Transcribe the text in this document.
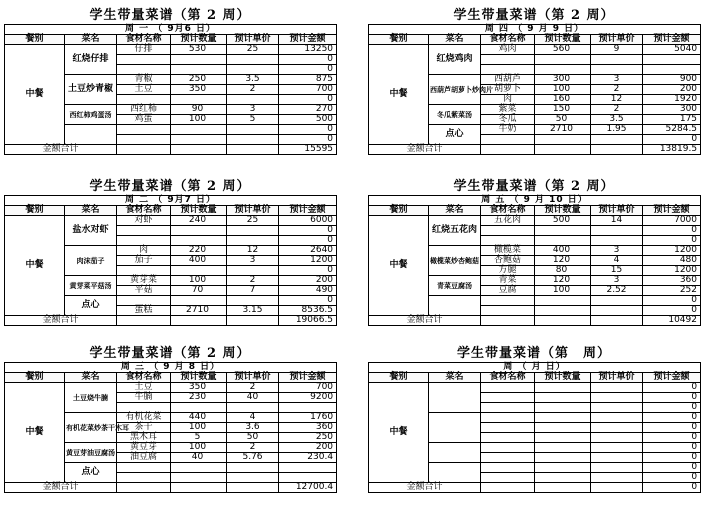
学生带量菜谱（第 2 周）
周 一 （ 9月6 日）					
餐别	菜名	食材名称	预计数量	预计单价	预计金额
中餐	红烧仔排	仔排	530	25	13250
					0
					0
	土豆炒青椒	青椒	250	3.5	875
		土豆	350	2	700
					0
	西红柿鸡蛋汤	西红柿	90	3	270
		鸡蛋	100	5	500
					0
					0
金额合计					15595
学生带量菜谱（第 2 周）
周 四 （ 9 月 9 日）					
餐别	菜名	食材名称	预计数量	预计单价	预计金额
中餐	红烧鸡肉	鸡肉	560	9	5040

	西葫芦胡萝卜炒肉片	西葫芦	300	3	900
		胡萝卜	100	2	200
		肉	160	12	1920
	冬瓜紫菜汤	紫菜	150	2	300
		冬瓜	50	3.5	175
	点心	牛奶	2710	1.95	5284.5
					0
金额合计					13819.5
学生带量菜谱（第 2 周）
周 二 （ 9月7 日）					
餐别	菜名	食材名称	预计数量	预计单价	预计金额
中餐	盐水对虾	对虾	240	25	6000
					0
					0
	肉沫茄子	肉	220	12	2640
		茄子	400	3	1200
					0
	黄芽菜平菇汤	黄芽菜	100	2	200
		平菇	70	7	490
	点心				0
		蛋糕	2710	3.15	8536.5
金额合计					19066.5
学生带量菜谱（第 2 周）
周 五 （ 9 月 10 日）					
餐别	菜名	食材名称	预计数量	预计单价	预计金额
中餐	红烧五花肉	五花肉	500	14	7000
					0
					0
	橄榄菜炒杏鲍菇	橄榄菜	400	3	1200
		杏鲍菇	120	4	480
		方腿	80	15	1200
	青菜豆腐汤	青菜	120	3	360
		豆腐	100	2.52	252
					0
					0
金额合计					10492
学生带量菜谱（第 2 周）
周 三 （ 9 月 8 日）					
餐别	菜名	食材名称	预计数量	预计单价	预计金额
中餐	土豆烧牛腩	土豆	350	2	700
		牛腩	230	40	9200

	有机花菜炒茶干木耳	有机花菜	440	4	1760
		茶干	100	3.6	360
		黑木耳	5	50	250
	黄豆芽油豆腐汤	黄豆芽	100	2	200
		油豆腐	40	5.76	230.4
	点心				

金额合计					12700.4
学生带量菜谱（第　周）
周 （ 月 日）					
餐别	菜名	食材名称	预计数量	预计单价	预计金额
中餐					0
					0
					0
					0
					0
					0
					0
					0
					0
					0
金额合计					0
